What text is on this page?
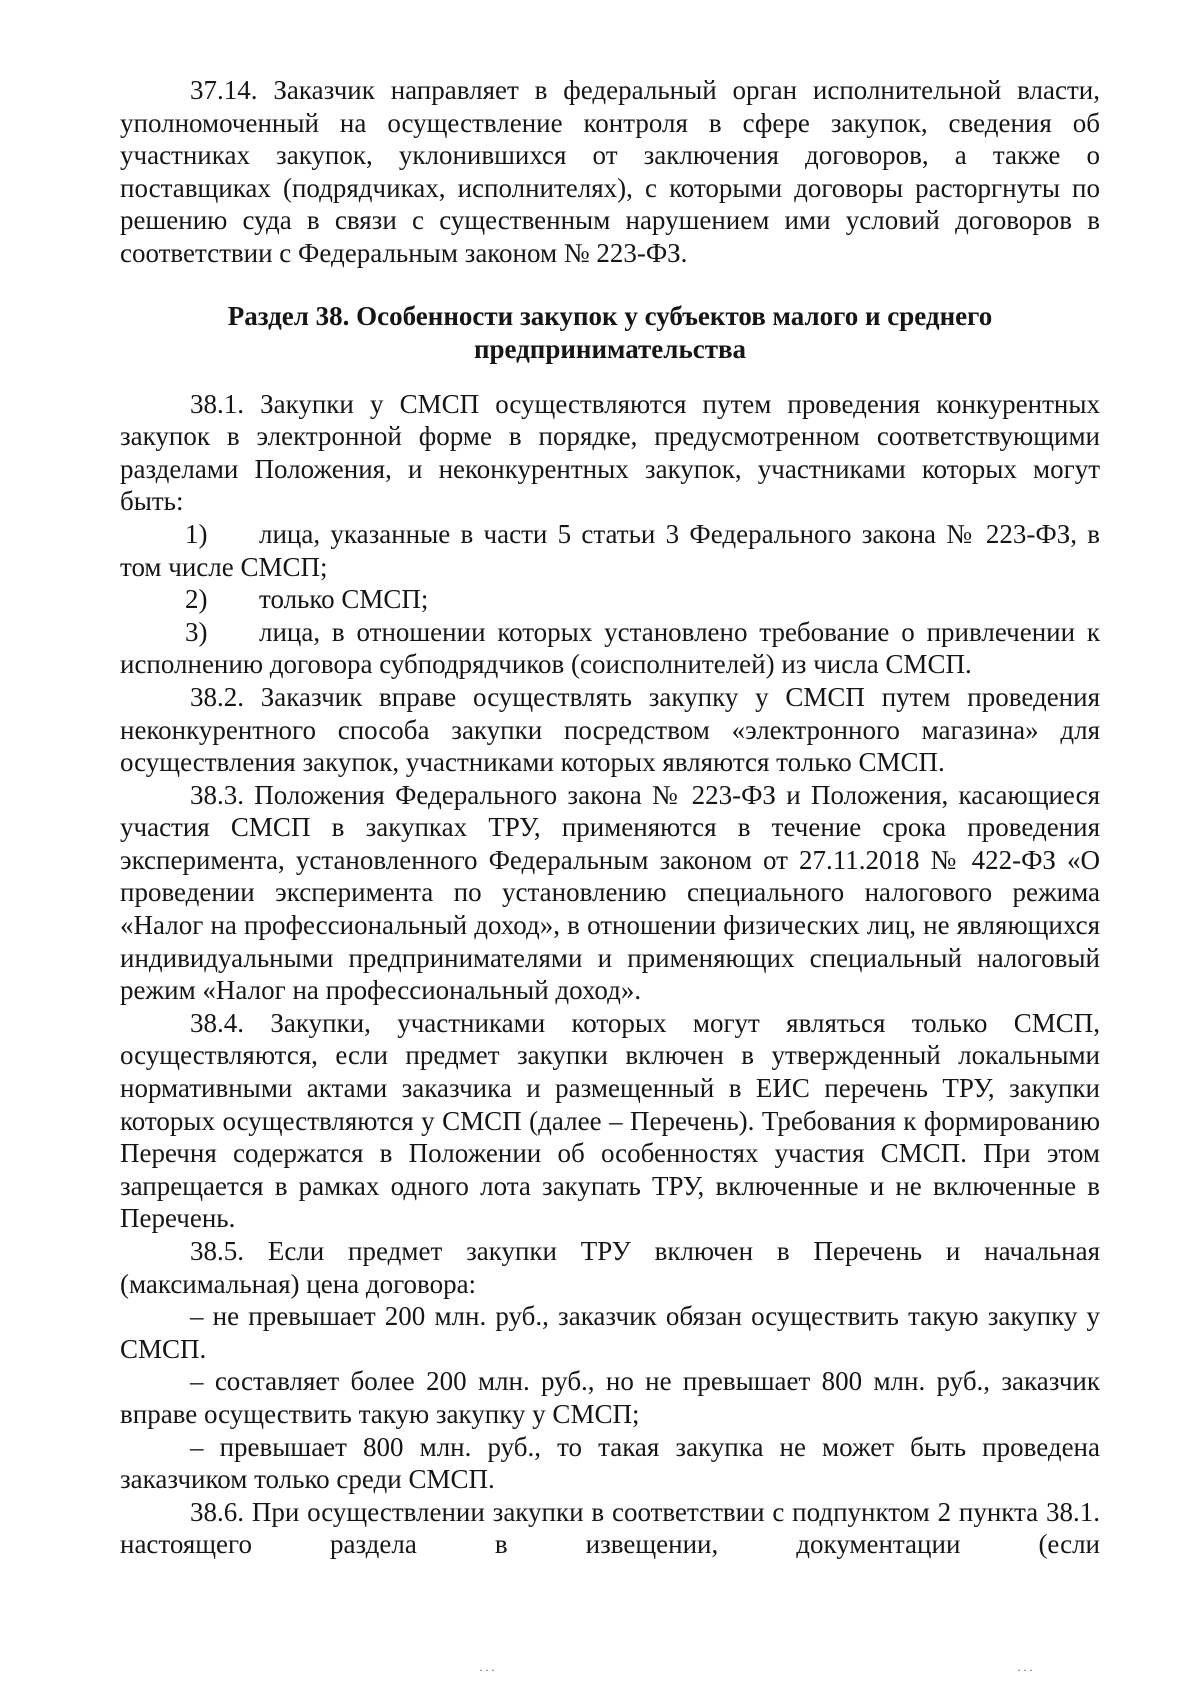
37.14. Заказчик направляет в федеральный орган исполнительной власти, уполномоченный на осуществление контроля в сфере закупок, сведения об участниках закупок, уклонившихся от заключения договоров, а также о поставщиках (подрядчиках, исполнителях), с которыми договоры расторгнуты по решению суда в связи с существенным нарушением ими условий договоров в соответствии с Федеральным законом № 223-ФЗ.

Раздел 38. Особенности закупок у субъектов малого и среднего
предпринимательства

38.1. Закупки у СМСП осуществляются путем проведения конкурентных закупок в электронной форме в порядке, предусмотренном соответствующими разделами Положения, и неконкурентных закупок, участниками которых могут быть:

1) лица, указанные в части 5 статьи 3 Федерального закона № 223-ФЗ, в том числе СМСП;

2) только СМСП;

3) лица, в отношении которых установлено требование о привлечении к исполнению договора субподрядчиков (соисполнителей) из числа СМСП.

38.2. Заказчик вправе осуществлять закупку у СМСП путем проведения неконкурентного способа закупки посредством «электронного магазина» для осуществления закупок, участниками которых являются только СМСП.

38.3. Положения Федерального закона № 223-ФЗ и Положения, касающиеся участия СМСП в закупках ТРУ, применяются в течение срока проведения эксперимента, установленного Федеральным законом от 27.11.2018 № 422-ФЗ «О проведении эксперимента по установлению специального налогового режима «Налог на профессиональный доход», в отношении физических лиц, не являющихся индивидуальными предпринимателями и применяющих специальный налоговый режим «Налог на профессиональный доход».

38.4. Закупки, участниками которых могут являться только СМСП, осуществляются, если предмет закупки включен в утвержденный локальными нормативными актами заказчика и размещенный в ЕИС перечень ТРУ, закупки которых осуществляются у СМСП (далее – Перечень). Требования к формированию Перечня содержатся в Положении об особенностях участия СМСП. При этом запрещается в рамках одного лота закупать ТРУ, включенные и не включенные в Перечень.

38.5. Если предмет закупки ТРУ включен в Перечень и начальная (максимальная) цена договора:

– не превышает 200 млн. руб., заказчик обязан осуществить такую закупку у СМСП.

– составляет более 200 млн. руб., но не превышает 800 млн. руб., заказчик вправе осуществить такую закупку у СМСП;

– превышает 800 млн. руб., то такая закупка не может быть проведена заказчиком только среди СМСП.

38.6. При осуществлении закупки в соответствии с подпунктом 2 пункта 38.1. настоящего раздела в извещении, документации (если

˙˙˙	˙˙˙
